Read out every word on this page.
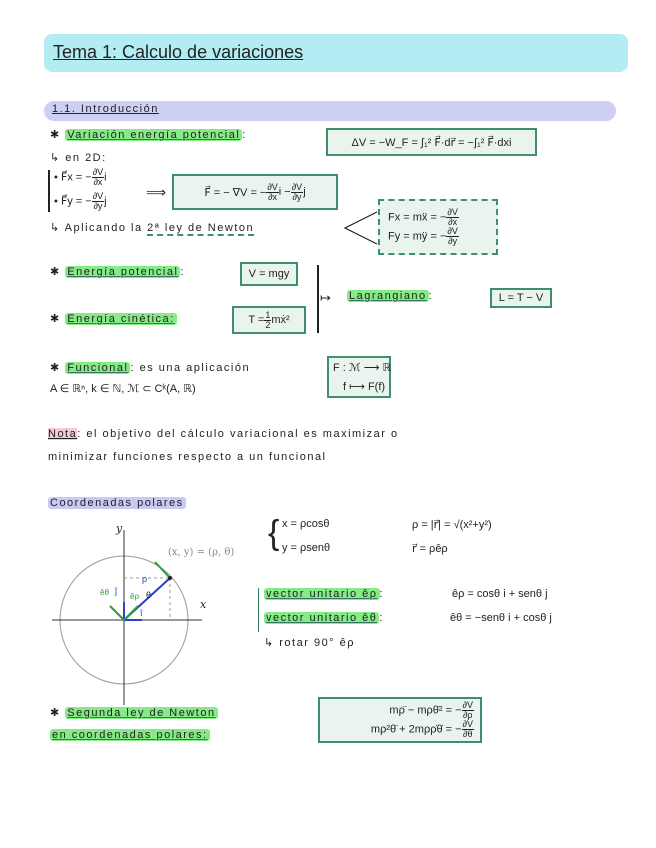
Tema 1: Calculo de variaciones
1.1. Introducción
✱ Variación energía potencial :
ΔV = −W_F = ∫₁² F⃗·dr⃗ = −∫₁² F⃗·dxi
↳ en 2D:
• F⃗x = − $\frac{\partial V}{\partial x}$ i
• F⃗y = − $\frac{\partial V}{\partial y}$ j
⟹	F⃗ = − ∇V = − $\frac{\partial V}{\partial x}$ $i - \frac{\partial V}{\partial y}$ j
↳ Aplicando la 2ª ley de Newton
Fx = mẍ = − $\frac{\partial V}{\partial x}$
Fy = mÿ = − $\frac{\partial V}{\partial y}$
✱ Energía potencial :	V = mgy
✱ Energía cinética:	$T = \frac{1}{2}$ mẋ²
↦ Lagrangiano :	L = T − V
✱ Funcional : es una aplicación
A ∈ ℝⁿ, k ∈ ℕ, ℳ ⊂ Cᵏ(A, ℝ)
F : ℳ ⟶ ℝ
f ⟼ F(f)
Nota: el objetivo del cálculo variacional es maximizar o
minimizar funciones respecto a un funcional
Coordenadas polares
y
x
ρ
θ
(x, y) = (ρ, θ)
î
ĵ
êρ
êθ
{ x = ρcosθ
y = ρsenθ
ρ = |r⃗| = √(x²+y²)
r⃗ = ρêρ
vector unitario êρ :	êρ = cosθ i + senθ j
vector unitario êθ :	êθ = −senθ i + cosθ j
↳ rotar 90° êρ
✱ Segunda ley de Newton
en coordenadas polares:
mρ̈ − mρθ̇² = − $\frac{\partial V}{\partial\rho}$
mρ²θ̈ + 2mρρ̇θ̇ = − $\frac{\partial V}{\partial\theta}$
